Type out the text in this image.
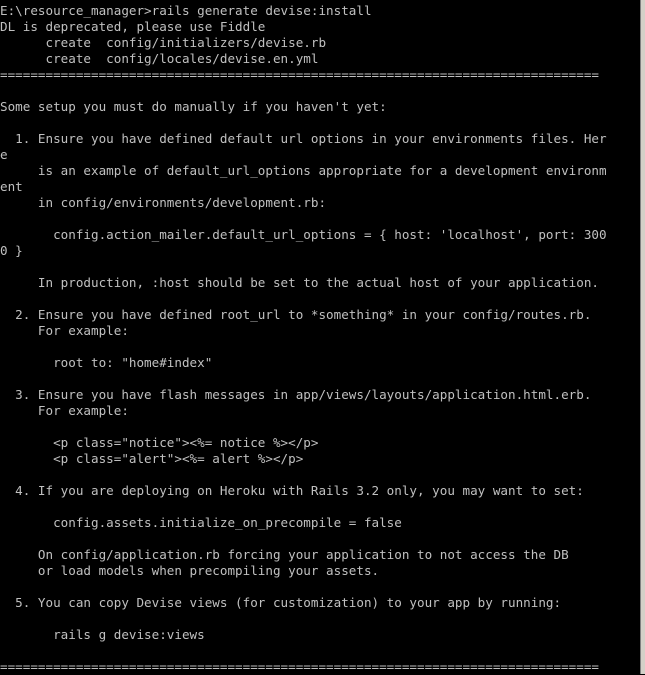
E:\resource_manager>rails generate devise:install
DL is deprecated, please use Fiddle
create  config/initializers/devise.rb
create  config/locales/devise.en.yml
===============================================================================
Some setup you must do manually if you haven't yet:
1. Ensure you have defined default url options in your environments files. Her
e
is an example of default_url_options appropriate for a development environm
ent
in config/environments/development.rb:
config.action_mailer.default_url_options = { host: 'localhost', port: 300
0 }
In production, :host should be set to the actual host of your application.
2. Ensure you have defined root_url to *something* in your config/routes.rb.
For example:
root to: "home#index"
3. Ensure you have flash messages in app/views/layouts/application.html.erb.
For example:
<p class="notice"><%= notice %></p>
<p class="alert"><%= alert %></p>
4. If you are deploying on Heroku with Rails 3.2 only, you may want to set:
config.assets.initialize_on_precompile = false
On config/application.rb forcing your application to not access the DB
or load models when precompiling your assets.
5. You can copy Devise views (for customization) to your app by running:
rails g devise:views
===============================================================================
